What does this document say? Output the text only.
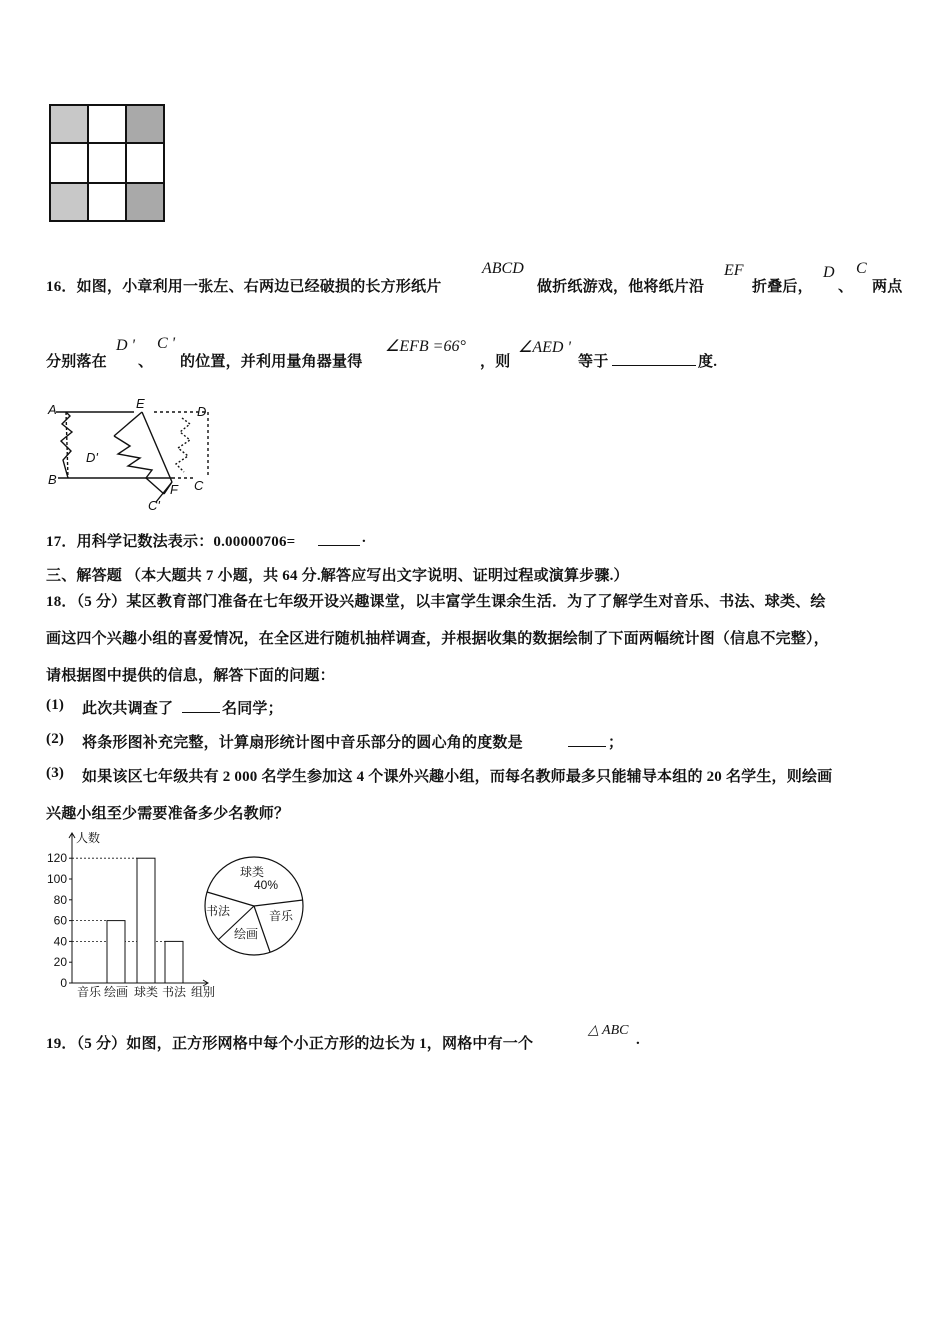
16．如图，小章利用一张左、右两边已经破损的长方形纸片
ABCD
做折纸游戏，他将纸片沿
EF
折叠后，
D
、
C
两点
分别落在
D '
、
C '
的位置，并利用量角器量得
∠EFB =66°
，则
∠AED '
等于	度.
A	E
D
D'
B
F C
C'
17．用科学记数法表示：0.00000706=	.
三、解答题 （本大题共 7 小题，共 64 分.解答应写出文字说明、证明过程或演算步骤.）
18．（5 分）某区教育部门准备在七年级开设兴趣课堂，以丰富学生课余生活．为了了解学生对音乐、书法、球类、绘
画这四个兴趣小组的喜爱情况，在全区进行随机抽样调查，并根据收集的数据绘制了下面两幅统计图（信息不完整），
请根据图中提供的信息，解答下面的问题：
(1) 此次共调查了	名同学；
(2) 将条形图补充完整，计算扇形统计图中音乐部分的圆心角的度数是	；
(3) 如果该区七年级共有 2 000 名学生参加这 4 个课外兴趣小组，而每名教师最多只能辅导本组的 20 名学生，则绘画
兴趣小组至少需要准备多少名教师？
0
20
40
60
80
100
120
音乐 绘画 球类 书法
人数
组别
球类
40%
音乐
绘画
书法
19．（5 分）如图，正方形网格中每个小正方形的边长为 1，网格中有一个
△ ABC
.
